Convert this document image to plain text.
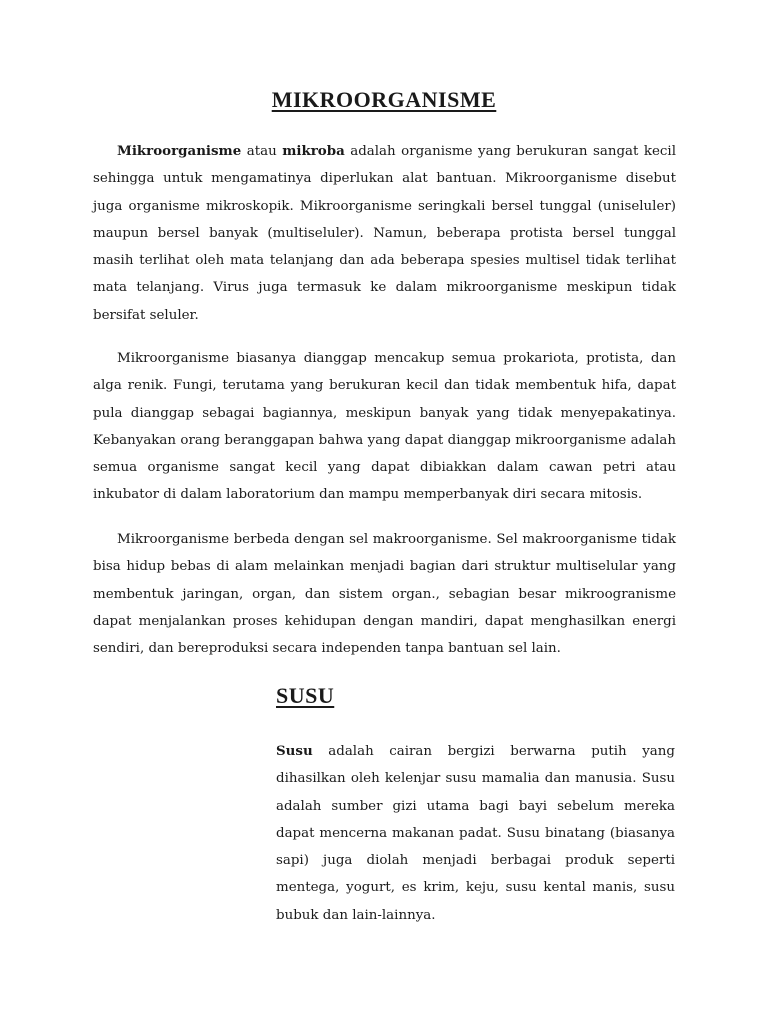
MIKROORGANISME

Mikroorganisme atau mikroba adalah organisme yang berukuran sangat kecil sehingga untuk mengamatinya diperlukan alat bantuan. Mikroorganisme disebut juga organisme mikroskopik. Mikroorganisme seringkali bersel tunggal (uniseluler) maupun bersel banyak (multiseluler). Namun, beberapa protista bersel tunggal masih terlihat oleh mata telanjang dan ada beberapa spesies multisel tidak terlihat mata telanjang. Virus juga termasuk ke dalam mikroorganisme meskipun tidak bersifat seluler.

Mikroorganisme biasanya dianggap mencakup semua prokariota, protista, dan alga renik. Fungi, terutama yang berukuran kecil dan tidak membentuk hifa, dapat pula dianggap sebagai bagiannya, meskipun banyak yang tidak menyepakatinya. Kebanyakan orang beranggapan bahwa yang dapat dianggap mikroorganisme adalah semua organisme sangat kecil yang dapat dibiakkan dalam cawan petri atau inkubator di dalam laboratorium dan mampu memperbanyak diri secara mitosis.

Mikroorganisme berbeda dengan sel makroorganisme. Sel makroorganisme tidak bisa hidup bebas di alam melainkan menjadi bagian dari struktur multiselular yang membentuk jaringan, organ, dan sistem organ., sebagian besar mikroogranisme dapat menjalankan proses kehidupan dengan mandiri, dapat menghasilkan energi sendiri, dan bereproduksi secara independen tanpa bantuan sel lain.

SUSU

Susu adalah cairan bergizi berwarna putih yang dihasilkan oleh kelenjar susu mamalia dan manusia. Susu adalah sumber gizi utama bagi bayi sebelum mereka dapat mencerna makanan padat. Susu binatang (biasanya sapi) juga diolah menjadi berbagai produk seperti mentega, yogurt, es krim, keju, susu kental manis, susu bubuk dan lain-lainnya.
